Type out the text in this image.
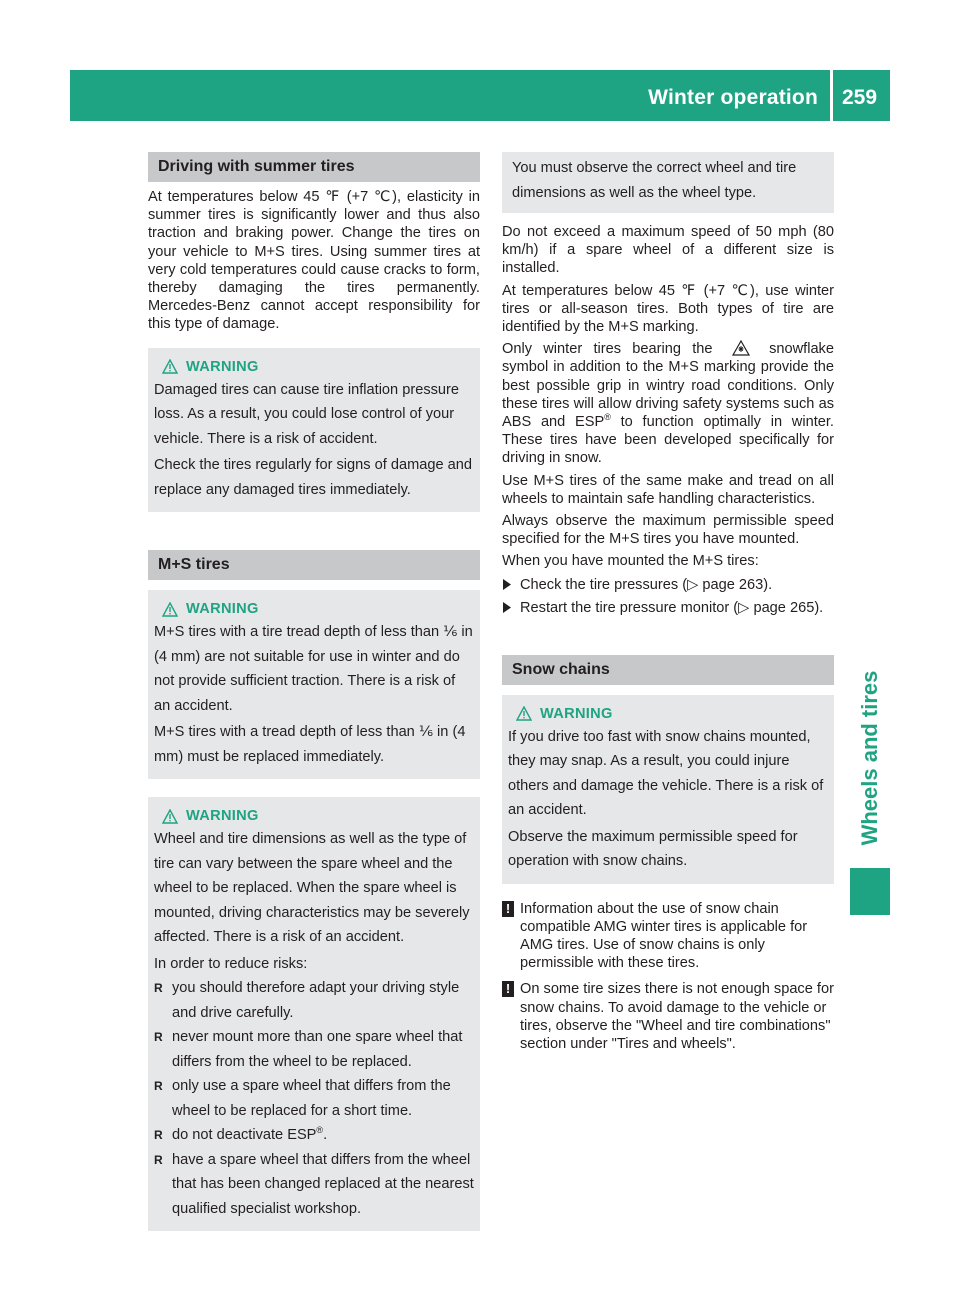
Winter operation 259
Wheels and tires
Driving with summer tires

At temperatures below 45 ℉ (+7 ℃), elasticity in summer tires is significantly lower and thus also traction and braking power. Change the tires on your vehicle to M+S tires. Using summer tires at very cold temperatures could cause cracks to form, thereby damaging the tires permanently. Mercedes-Benz cannot accept responsibility for this type of damage.

WARNING

Damaged tires can cause tire inflation pressure loss. As a result, you could lose control of your vehicle. There is a risk of accident.

Check the tires regularly for signs of damage and replace any damaged tires immediately.

M+S tires
WARNING

M+S tires with a tire tread depth of less than ⅙ in (4 mm) are not suitable for use in winter and do not provide sufficient traction. There is a risk of an accident.

M+S tires with a tread depth of less than ⅙ in (4 mm) must be replaced immediately.

WARNING

Wheel and tire dimensions as well as the type of tire can vary between the spare wheel and the wheel to be replaced. When the spare wheel is mounted, driving characteristics may be severely affected. There is a risk of an accident.

In order to reduce risks:

R you should therefore adapt your driving style and drive carefully.
R never mount more than one spare wheel that differs from the wheel to be replaced.
R only use a spare wheel that differs from the wheel to be replaced for a short time.
R do not deactivate ESP®.
R have a spare wheel that differs from the wheel that has been changed replaced at the nearest qualified specialist workshop.

You must observe the correct wheel and tire dimensions as well as the wheel type.

Do not exceed a maximum speed of 50 mph (80 km/h) if a spare wheel of a different size is installed.

At temperatures below 45 ℉ (+7 ℃), use winter tires or all-season tires. Both types of tire are identified by the M+S marking.

Only winter tires bearing the	snowflake symbol in addition to the M+S marking provide the best possible grip in wintry road conditions. Only these tires will allow driving safety systems such as ABS and ESP® to function optimally in winter. These tires have been developed specifically for driving in snow.

Use M+S tires of the same make and tread on all wheels to maintain safe handling characteristics.

Always observe the maximum permissible speed specified for the M+S tires you have mounted.

When you have mounted the M+S tires:

Check the tire pressures (▷ page 263).
Restart the tire pressure monitor (▷ page 265).
Snow chains
WARNING

If you drive too fast with snow chains mounted, they may snap. As a result, you could injure others and damage the vehicle. There is a risk of an accident.

Observe the maximum permissible speed for operation with snow chains.

! Information about the use of snow chain compatible AMG winter tires is applicable for AMG tires. Use of snow chains is only permissible with these tires.
! On some tire sizes there is not enough space for snow chains. To avoid damage to the vehicle or tires, observe the "Wheel and tire combinations" section under "Tires and wheels".
